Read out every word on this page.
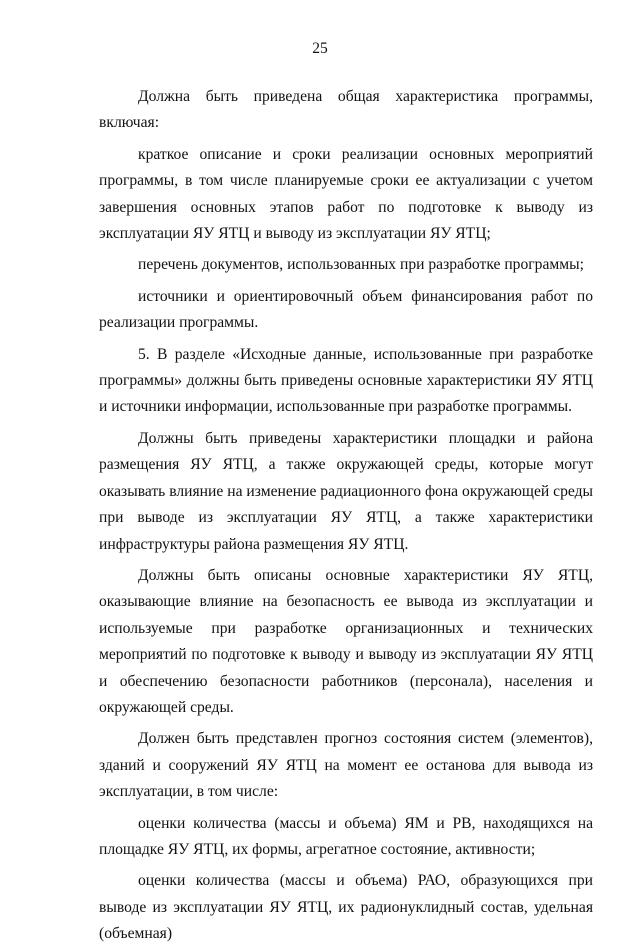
25

Должна быть приведена общая характеристика программы, включая:

краткое описание и сроки реализации основных мероприятий программы, в том числе планируемые сроки ее актуализации с учетом завершения основных этапов работ по подготовке к выводу из эксплуатации ЯУ ЯТЦ и выводу из эксплуатации ЯУ ЯТЦ;

перечень документов, использованных при разработке программы;

источники и ориентировочный объем финансирования работ по реализации программы.

5. В разделе «Исходные данные, использованные при разработке программы» должны быть приведены основные характеристики ЯУ ЯТЦ и источники информации, использованные при разработке программы.

Должны быть приведены характеристики площадки и района размещения ЯУ ЯТЦ, а также окружающей среды, которые могут оказывать влияние на изменение радиационного фона окружающей среды при выводе из эксплуатации ЯУ ЯТЦ, а также характеристики инфраструктуры района размещения ЯУ ЯТЦ.

Должны быть описаны основные характеристики ЯУ ЯТЦ, оказывающие влияние на безопасность ее вывода из эксплуатации и используемые при разработке организационных и технических мероприятий по подготовке к выводу и выводу из эксплуатации ЯУ ЯТЦ и обеспечению безопасности работников (персонала), населения и окружающей среды.

Должен быть представлен прогноз состояния систем (элементов), зданий и сооружений ЯУ ЯТЦ на момент ее останова для вывода из эксплуатации, в том числе:

оценки количества (массы и объема) ЯМ и РВ, находящихся на площадке ЯУ ЯТЦ, их формы, агрегатное состояние, активности;

оценки количества (массы и объема) РАО, образующихся при выводе из эксплуатации ЯУ ЯТЦ, их радионуклидный состав, удельная (объемная)
